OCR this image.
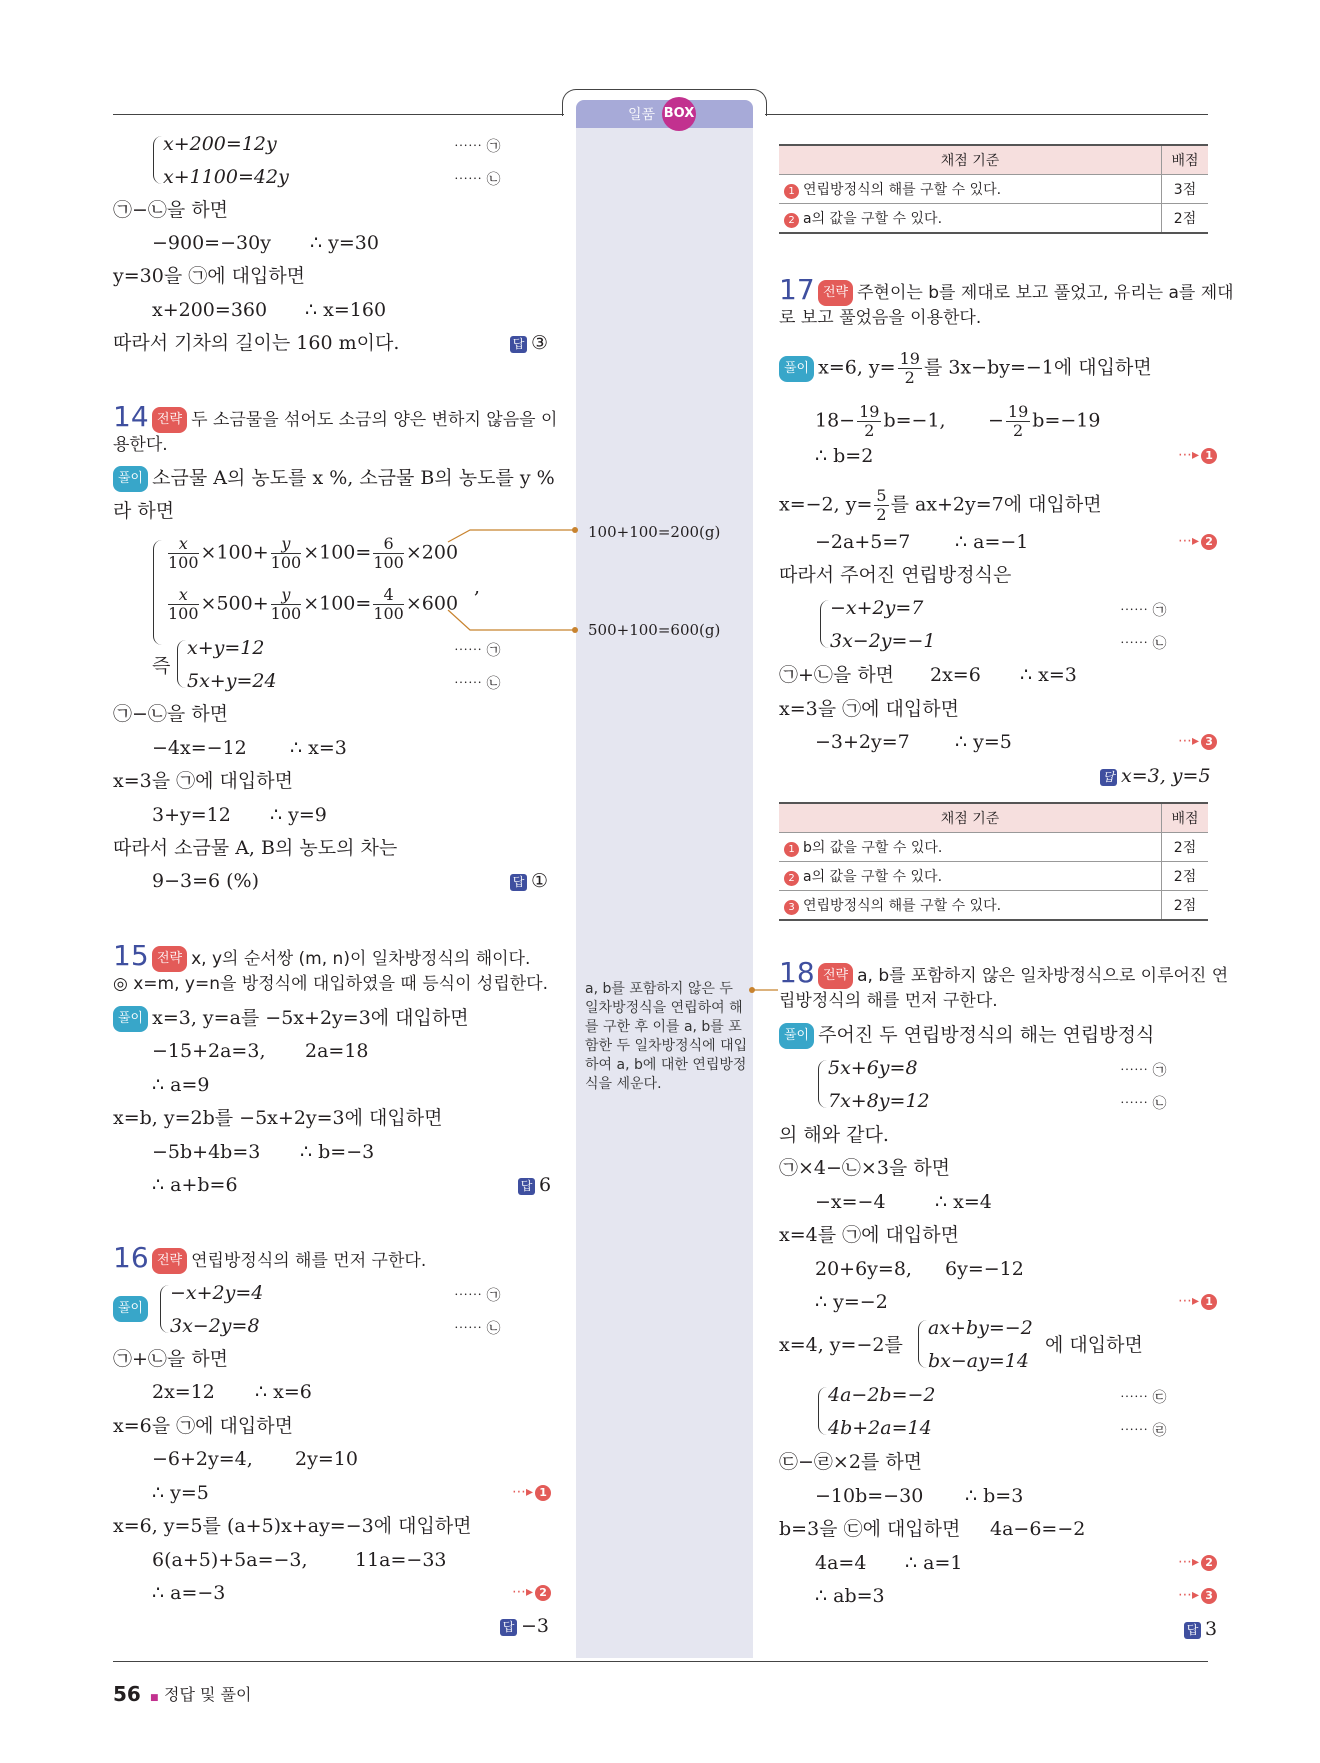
일품 BOX
x+200=12y
x+1100=42y
⋯⋯ ㉠
⋯⋯ ㉡
㉠−㉡을 하면
−900=−30y ∴ y=30
y=30을 ㉠에 대입하면
x+200=360 ∴ x=160
따라서 기차의 길이는 160 m이다.	답 ③
14 전략 두 소금물을 섞어도 소금의 양은 변하지 않음을 이
용한다.
풀이 소금물 A의 농도를 x %, 소금물 B의 농도를 y %
라 하면
$\frac{x}{100} \times 100+ \frac{y}{100} \times 100= \frac{6}{100} \times 200$
$\frac{x}{100} \times 500+ \frac{y}{100} \times 100= \frac{4}{100} \times 600$
,
즉
x+y=12
5x+y=24
⋯⋯ ㉠
⋯⋯ ㉡
㉠−㉡을 하면
−4x=−12 ∴ x=3
x=3을 ㉠에 대입하면
3+y=12 ∴ y=9
따라서 소금물 A, B의 농도의 차는
9−3=6 (%)	답 ①
15 전략 x, y의 순서쌍 (m, n)이 일차방정식의 해이다.
◎ x=m, y=n을 방정식에 대입하였을 때 등식이 성립한다.
풀이 x=3, y=a를 −5x+2y=3에 대입하면
−15+2a=3, 2a=18
∴ a=9
x=b, y=2b를 −5x+2y=3에 대입하면
−5b+4b=3 ∴ b=−3
∴ a+b=6	답 6
16 전략 연립방정식의 해를 먼저 구한다.
풀이
−x+2y=4
3x−2y=8
⋯⋯ ㉠
⋯⋯ ㉡
㉠+㉡을 하면
2x=12 ∴ x=6
x=6을 ㉠에 대입하면
−6+2y=4, 2y=10
∴ y=5	⋯▸ 1
x=6, y=5를 (a+5)x+ay=−3에 대입하면
6(a+5)+5a=−3, 11a=−33
∴ a=−3	⋯▸ 2
답 −3
100+100=200(g)
500+100=600(g)
a, b를 포함하지 않은 두 일차방정식을 연립하여 해를 구한 후 이를 a, b를 포함한 두 일차방정식에 대입하여 a, b에 대한 연립방정식을 세운다.
채점 기준	배점
1 연립방정식의 해를 구할 수 있다.	3점
2 a의 값을 구할 수 있다.	2점
17 전략 주현이는 b를 제대로 보고 풀었고, 유리는 a를 제대
로 보고 풀었음을 이용한다.
풀이 x=6, $y= \frac{19}{2}$ 를 3x−by=−1에 대입하면
$18- \frac{19}{2} b=-1$, − $\frac{19}{2} b=-19$
∴ b=2	⋯▸ 1
x=−2, $y= \frac{5}{2}$ 를 ax+2y=7에 대입하면
−2a+5=7 ∴ a=−1	⋯▸ 2
따라서 주어진 연립방정식은
−x+2y=7
3x−2y=−1
⋯⋯ ㉠
⋯⋯ ㉡
㉠+㉡을 하면 2x=6 ∴ x=3
x=3을 ㉠에 대입하면
−3+2y=7 ∴ y=5	⋯▸ 3
답 x=3, y=5
채점 기준	배점
1 b의 값을 구할 수 있다.	2점
2 a의 값을 구할 수 있다.	2점
3 연립방정식의 해를 구할 수 있다.	2점
18 전략 a, b를 포함하지 않은 일차방정식으로 이루어진 연
립방정식의 해를 먼저 구한다.
풀이 주어진 두 연립방정식의 해는 연립방정식
5x+6y=8
7x+8y=12
⋯⋯ ㉠
⋯⋯ ㉡
의 해와 같다.
㉠×4−㉡×3을 하면
−x=−4	∴ x=4
x=4를 ㉠에 대입하면
20+6y=8, 6y=−12
∴ y=−2	⋯▸ 1
x=4, y=−2를
ax+by=−2
bx−ay=14
에 대입하면
4a−2b=−2
4b+2a=14
⋯⋯ ㉢
⋯⋯ ㉣
㉢−㉣×2를 하면
−10b=−30 ∴ b=3
b=3을 ㉢에 대입하면 4a−6=−2
4a=4 ∴ a=1	⋯▸ 2
∴ ab=3	⋯▸ 3
답 3
56 ■ 정답 및 풀이
